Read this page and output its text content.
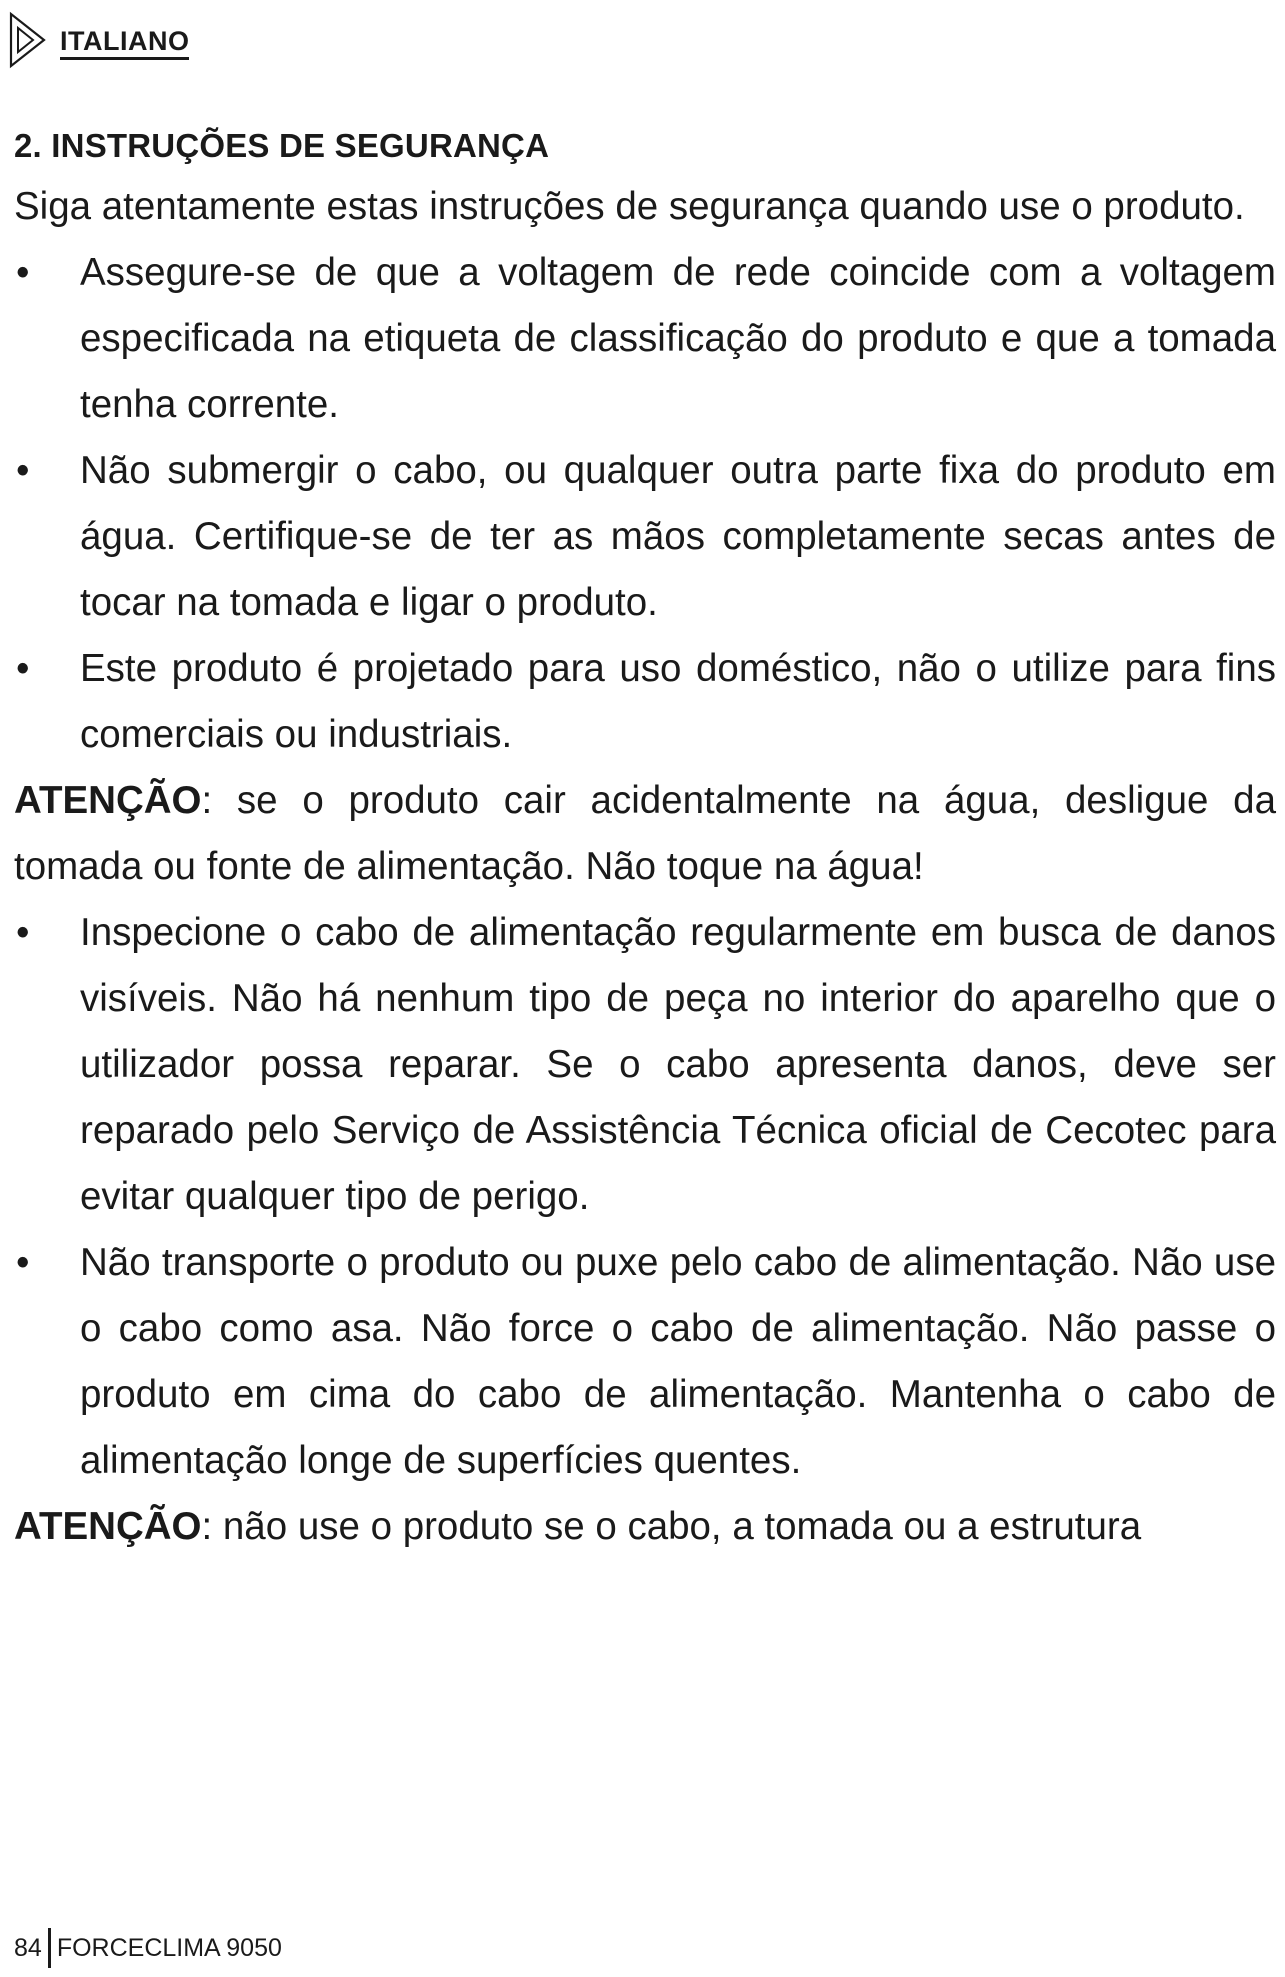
ITALIANO
2. INSTRUÇÕES DE SEGURANÇA

Siga atentamente estas instruções de segurança quando use o produto.

• Assegure-se de que a voltagem de rede coincide com a voltagem especificada na etiqueta de classificação do produto e que a tomada tenha corrente.

• Não submergir o cabo, ou qualquer outra parte fixa do produto em água. Certifique-se de ter as mãos completamente secas antes de tocar na tomada e ligar o produto.

• Este produto é projetado para uso doméstico, não o utilize para fins comerciais ou industriais.

ATENÇÃO: se o produto cair acidentalmente na água, desligue da tomada ou fonte de alimentação. Não toque na água!

• Inspecione o cabo de alimentação regularmente em busca de danos visíveis. Não há nenhum tipo de peça no interior do aparelho que o utilizador possa reparar. Se o cabo apresenta danos, deve ser reparado pelo Serviço de Assistência Técnica oficial de Cecotec para evitar qualquer tipo de perigo.

• Não transporte o produto ou puxe pelo cabo de alimentação. Não use o cabo como asa. Não force o cabo de alimentação. Não passe o produto em cima do cabo de alimentação. Mantenha o cabo de alimentação longe de superfícies quentes.

ATENÇÃO: não use o produto se o cabo, a tomada ou a estrutura

84 FORCECLIMA 9050
